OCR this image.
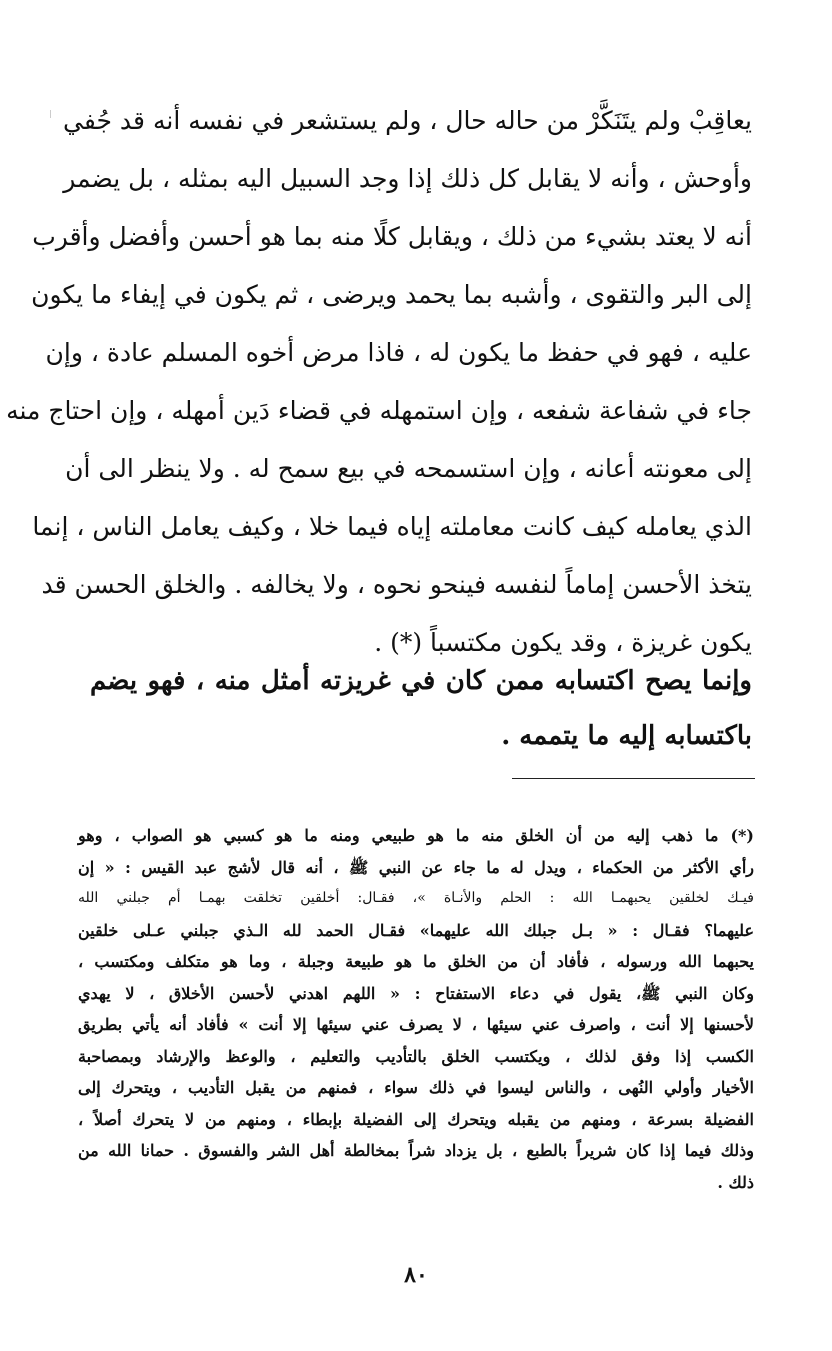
يعاقِبْ ولم يتَنَكَّرْ من حاله حال ، ولم يستشعر في نفسه أنه قد جُفي
وأوحش ، وأنه لا يقابل كل ذلك إذا وجد السبيل اليه بمثله ، بل يضمر
أنه لا يعتد بشيء من ذلك ، ويقابل كلًا منه بما هو أحسن وأفضل وأقرب
إلى البر والتقوى ، وأشبه بما يحمد ويرضى ، ثم يكون في إيفاء ما يكون
عليه ، فهو في حفظ ما يكون له ، فاذا مرض أخوه المسلم عادة ، وإن
جاء في شفاعة شفعه ، وإن استمهله في قضاء دَين أمهله ، وإن احتاج منه
إلى معونته أعانه ، وإن استسمحه في بيع سمح له . ولا ينظر الى أن
الذي يعامله كيف كانت معاملته إياه فيما خلا ، وكيف يعامل الناس ، إنما
يتخذ الأحسن إماماً لنفسه فينحو نحوه ، ولا يخالفه . والخلق الحسن قد
يكون غريزة ، وقد يكون مكتسباً (*) .
وإنما يصح اكتسابه ممن كان في غريزته أمثل منه ، فهو يضم
باكتسابه إليه ما يتممه .
(*) ما ذهب إليه من أن الخلق منه ما هو طبيعي ومنه ما هو كسبي هو الصواب ، وهو
رأي الأكثر من الحكماء ، ويدل له ما جاء عن النبي ﷺ ، أنه قال لأشج عبد القيس : « إن
فيـك لخلقين يحبهمـا الله : الحلم والأنـاة »، فقـال: أخلقين تخلقت بهمـا أم جبلني الله
عليهما؟ فقـال : « بـل جبلك الله عليهما» فقـال الحمد لله الـذي جبلني عـلى خلقين
يحبهما الله ورسوله ، فأفاد أن من الخلق ما هو طبيعة وجبلة ، وما هو متكلف ومكتسب ،
وكان النبي ﷺ، يقول في دعاء الاستفتاح : « اللهم اهدني لأحسن الأخلاق ، لا يهدي
لأحسنها إلا أنت ، واصرف عني سيئها ، لا يصرف عني سيئها إلا أنت » فأفاد أنه يأتي بطريق
الكسب إذا وفق لذلك ، ويكتسب الخلق بالتأديب والتعليم ، والوعظ والإرشاد وبمصاحبة
الأخيار وأولي النُهى ، والناس ليسوا في ذلك سواء ، فمنهم من يقبل التأديب ، ويتحرك إلى
الفضيلة بسرعة ، ومنهم من يقبله ويتحرك إلى الفضيلة بإبطاء ، ومنهم من لا يتحرك أصلاً ،
وذلك فيما إذا كان شريراً بالطبع ، بل يزداد شراً بمخالطة أهل الشر والفسوق . حمانا الله من
ذلك .
٨٠
